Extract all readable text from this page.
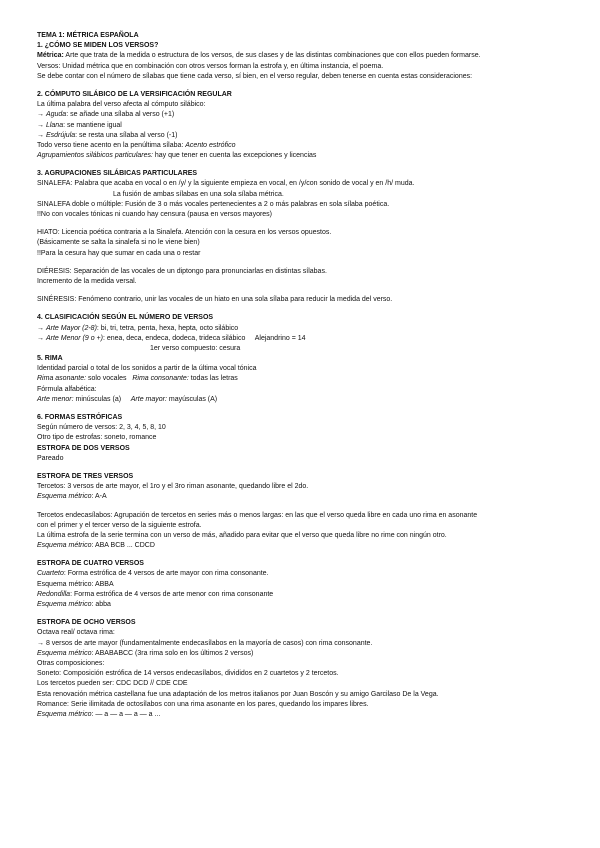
TEMA 1: MÉTRICA ESPAÑOLA
1. ¿CÓMO SE MIDEN LOS VERSOS?
Métrica: Arte que trata de la medida o estructura de los versos, de sus clases y de las distintas combinaciones que con ellos pueden formarse.
Versos: Unidad métrica que en combinación con otros versos forman la estrofa y, en última instancia, el poema.
Se debe contar con el número de sílabas que tiene cada verso, sí bien, en el verso regular, deben tenerse en cuenta estas consideraciones:
2. CÓMPUTO SILÁBICO DE LA VERSIFICACIÓN REGULAR
La última palabra del verso afecta al cómputo silábico:
→ Aguda: se añade una sílaba al verso (+1)
→ Llana: se mantiene igual
→ Esdrújula: se resta una sílaba al verso (-1)
Todo verso tiene acento en la penúltima sílaba: Acento estrófico
Agrupamientos silábicos particulares: hay que tener en cuenta las excepciones y licencias
3. AGRUPACIONES SILÁBICAS PARTICULARES
SINALEFA: Palabra que acaba en vocal o en /y/ y la siguiente empieza en vocal, en /y/con sonido de vocal y en /h/ muda.
La fusión de ambas sílabas en una sola sílaba métrica.
SINALEFA doble o múltiple: Fusión de 3 o más vocales pertenecientes a 2 o más palabras en sola sílaba poética.
!!No con vocales tónicas ni cuando hay censura (pausa en versos mayores)
HIATO: Licencia poética contraria a la Sinalefa. Atención con la cesura en los versos opuestos.
(Básicamente se salta la sinalefa si no le viene bien)
!!Para la cesura hay que sumar en cada una o restar
DIÉRESIS: Separación de las vocales de un diptongo para pronunciarlas en distintas sílabas.
Incremento de la medida versal.
SINÉRESIS: Fenómeno contrario, unir las vocales de un hiato en una sola sílaba para reducir la medida del verso.
4. CLASIFICACIÓN SEGÚN EL NÚMERO DE VERSOS
→ Arte Mayor (2-8): bi, tri, tetra, penta, hexa, hepta, octo silábico
→ Arte Menor (9 o +): enea, deca, endeca, dodeca, trideca silábico     Alejandrino = 14
1er verso compuesto: cesura
5. RIMA
Identidad parcial o total de los sonidos a partir de la última vocal tónica
Rima asonante: solo vocales   Rima consonante: todas las letras
Fórmula alfabética:
Arte menor: minúsculas (a)     Arte mayor: mayúsculas (A)
6. FORMAS ESTRÓFICAS
Según número de versos: 2, 3, 4, 5, 8, 10
Otro tipo de estrofas: soneto, romance
ESTROFA DE DOS VERSOS
Pareado
ESTROFA DE TRES VERSOS
Tercetos: 3 versos de arte mayor, el 1ro y el 3ro riman asonante, quedando libre el 2do.
Esquema métrico: A-A
Tercetos endecasílabos: Agrupación de tercetos en series más o menos largas: en las que el verso queda libre en cada uno rima en asonante
con el primer y el tercer verso de la siguiente estrofa.
La última estrofa de la serie termina con un verso de más, añadido para evitar que el verso que queda libre no rime con ningún otro.
Esquema métrico: ABA BCB ... CDCD
ESTROFA DE CUATRO VERSOS
Cuarteto: Forma estrófica de 4 versos de arte mayor con rima consonante.
Esquema métrico: ABBA
Redondilla: Forma estrófica de 4 versos de arte menor con rima consonante
Esquema métrico: abba
ESTROFA DE OCHO VERSOS
Octava real/ octava rima:
→ 8 versos de arte mayor (fundamentalmente endecasílabos en la mayoría de casos) con rima consonante.
Esquema métrico: ABABABCC (3ra rima solo en los últimos 2 versos)
Otras composiciones:
Soneto: Composición estrófica de 14 versos endecasílabos, divididos en 2 cuartetos y 2 tercetos.
Los tercetos pueden ser: CDC DCD // CDE CDE
Esta renovación métrica castellana fue una adaptación de los metros italianos por Juan Boscón y su amigo Garcilaso De la Vega.
Romance: Serie ilimitada de octosílabos con una rima asonante en los pares, quedando los impares libres.
Esquema métrico: — a — a — a — a ...
